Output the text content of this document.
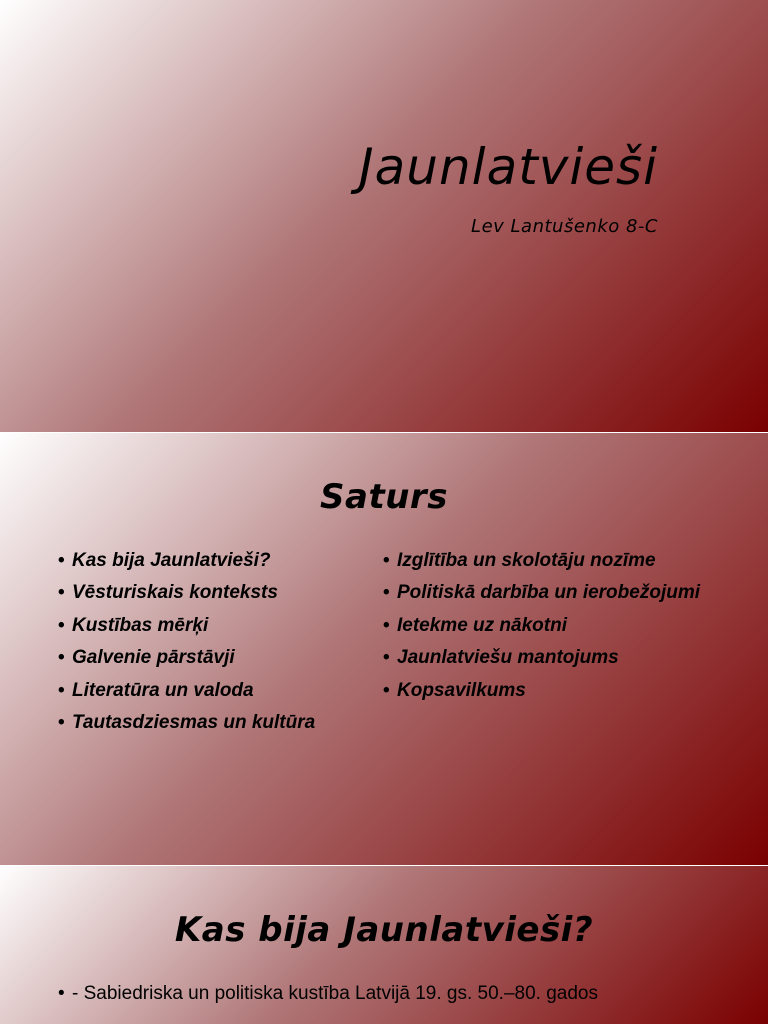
Jaunlatvieši

Lev Lantušenko 8-C

Saturs
• Kas bija Jaunlatvieši?
• Vēsturiskais konteksts
• Kustības mērķi
• Galvenie pārstāvji
• Literatūra un valoda
• Tautasdziesmas un kultūra
• Izglītība un skolotāju nozīme
• Politiskā darbība un ierobežojumi
• Ietekme uz nākotni
• Jaunlatviešu mantojums
• Kopsavilkums
Kas bija Jaunlatvieši?
• - Sabiedriska un politiska kustība Latvijā 19. gs. 50.–80. gados
